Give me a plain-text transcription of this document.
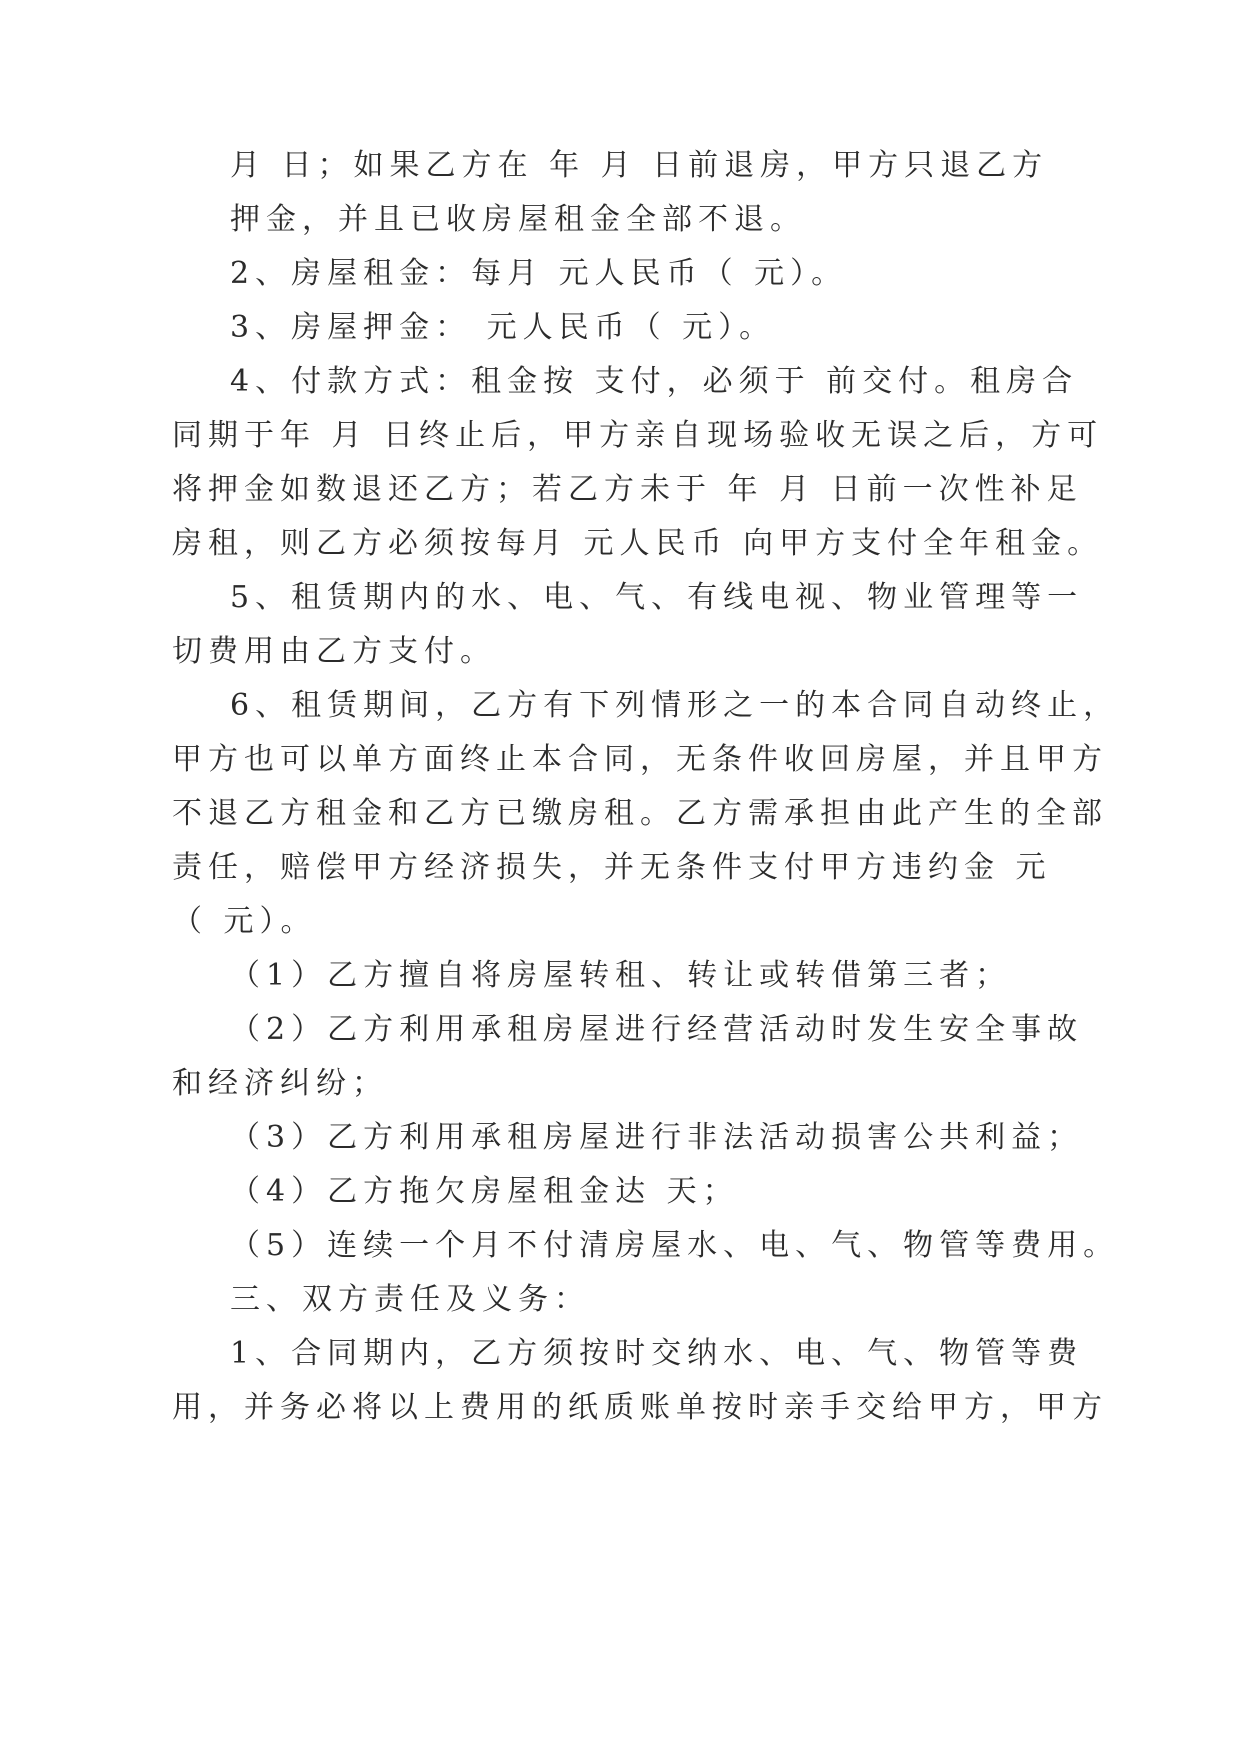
月 日；如果乙方在 年 月 日前退房，甲方只退乙方
押金，并且已收房屋租金全部不退。
2、房屋租金：每月 元人民币（ 元）。
3、房屋押金： 元人民币（ 元）。
4、付款方式：租金按 支付，必须于 前交付。租房合
同期于年 月 日终止后，甲方亲自现场验收无误之后，方可
将押金如数退还乙方；若乙方未于 年 月 日前一次性补足
房租，则乙方必须按每月 元人民币 向甲方支付全年租金。
5、租赁期内的水、电、气、有线电视、物业管理等一
切费用由乙方支付。
6、租赁期间，乙方有下列情形之一的本合同自动终止，
甲方也可以单方面终止本合同，无条件收回房屋，并且甲方
不退乙方租金和乙方已缴房租。乙方需承担由此产生的全部
责任，赔偿甲方经济损失，并无条件支付甲方违约金 元
（ 元）。
（1）乙方擅自将房屋转租、转让或转借第三者；
（2）乙方利用承租房屋进行经营活动时发生安全事故
和经济纠纷；
（3）乙方利用承租房屋进行非法活动损害公共利益；
（4）乙方拖欠房屋租金达 天；
（5）连续一个月不付清房屋水、电、气、物管等费用。
三、双方责任及义务：
1、合同期内，乙方须按时交纳水、电、气、物管等费
用，并务必将以上费用的纸质账单按时亲手交给甲方，甲方
